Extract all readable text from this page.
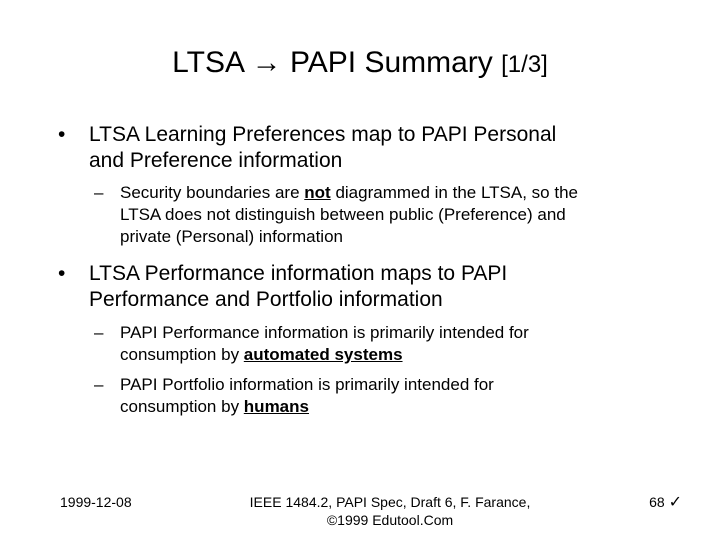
LTSA → PAPI Summary [1/3]
• LTSA Learning Preferences map to PAPI Personal
and Preference information
– Security boundaries are not diagrammed in the LTSA, so the
LTSA does not distinguish between public (Preference) and
private (Personal) information
• LTSA Performance information maps to PAPI
Performance and Portfolio information
– PAPI Performance information is primarily intended for
consumption by automated systems
– PAPI Portfolio information is primarily intended for
consumption by humans
1999-12-08	IEEE 1484.2, PAPI Spec, Draft 6, F. Farance,
©1999 Edutool.Com
68 ✓
